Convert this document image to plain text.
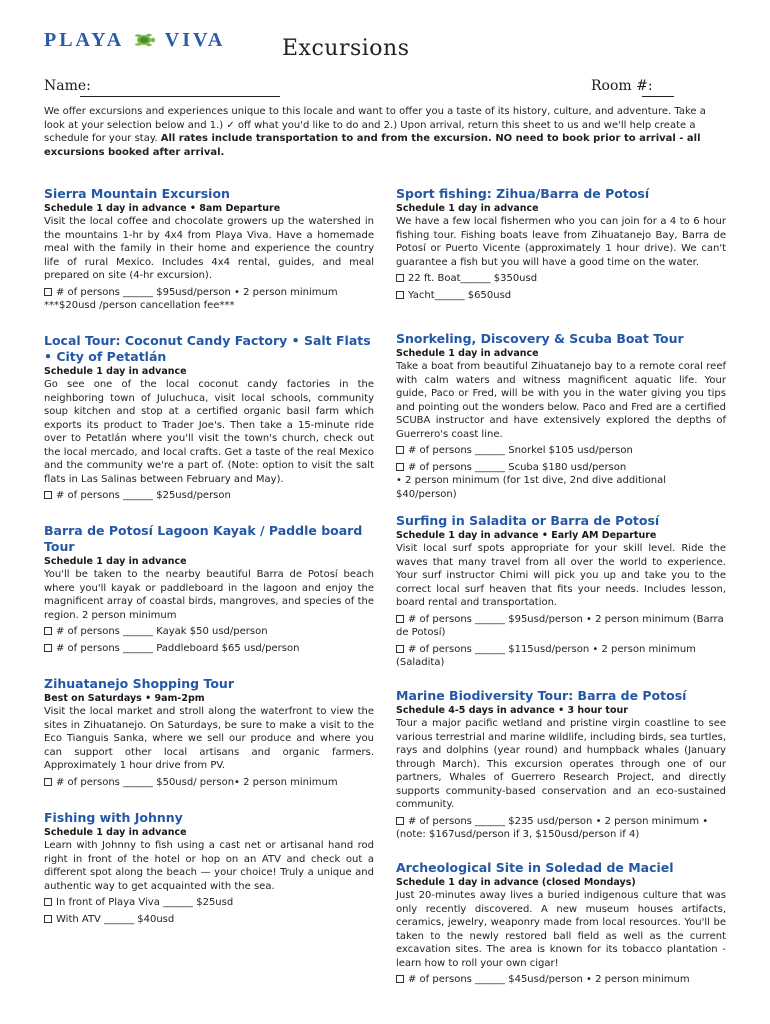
PLAYA VIVA	Excursions
Name:	Room #:
We offer excursions and experiences unique to this locale and want to offer you a taste of its history, culture, and adventure. Take a look at your selection below and 1.) ✓ off what you'd like to do and 2.) Upon arrival, return this sheet to us and we'll help create a schedule for your stay. All rates include transportation to and from the excursion. NO need to book prior to arrival - all excursions booked after arrival.
Sierra Mountain Excursion
Schedule 1 day in advance • 8am Departure

Visit the local coffee and chocolate growers up the watershed in the mountains 1-hr by 4x4 from Playa Viva. Have a homemade meal with the family in their home and experience the country life of rural Mexico. Includes 4x4 rental, guides, and meal prepared on site (4-hr excursion).

# of persons ______ $95usd/person • 2 person minimum
***$20usd /person cancellation fee***
Local Tour: Coconut Candy Factory • Salt Flats • City of Petatlán
Schedule 1 day in advance

Go see one of the local coconut candy factories in the neighboring town of Juluchuca, visit local schools, community soup kitchen and stop at a certified organic basil farm which exports its product to Trader Joe's. Then take a 15-minute ride over to Petatlán where you'll visit the town's church, check out the local mercado, and local crafts. Get a taste of the real Mexico and the community we're a part of. (Note: option to visit the salt flats in Las Salinas between February and May).

# of persons ______ $25usd/person
Barra de Potosí Lagoon Kayak / Paddle board Tour
Schedule 1 day in advance

You'll be taken to the nearby beautiful Barra de Potosí beach where you'll kayak or paddleboard in the lagoon and enjoy the magnificent array of coastal birds, mangroves, and species of the region. 2 person minimum

# of persons ______ Kayak $50 usd/person
# of persons ______ Paddleboard $65 usd/person
Zihuatanejo Shopping Tour
Best on Saturdays • 9am-2pm

Visit the local market and stroll along the waterfront to view the sites in Zihuatanejo. On Saturdays, be sure to make a visit to the Eco Tianguis Sanka, where we sell our produce and where you can support other local artisans and organic farmers. Approximately 1 hour drive from PV.

# of persons ______ $50usd/ person• 2 person minimum
Fishing with Johnny
Schedule 1 day in advance

Learn with Johnny to fish using a cast net or artisanal hand rod right in front of the hotel or hop on an ATV and check out a different spot along the beach — your choice! Truly a unique and authentic way to get acquainted with the sea.

In front of Playa Viva ______ $25usd
With ATV ______ $40usd
Sport fishing: Zihua/Barra de Potosí
Schedule 1 day in advance

We have a few local fishermen who you can join for a 4 to 6 hour fishing tour. Fishing boats leave from Zihuatanejo Bay, Barra de Potosí or Puerto Vicente (approximately 1 hour drive). We can't guarantee a fish but you will have a good time on the water.

22 ft. Boat______ $350usd
Yacht______ $650usd
Snorkeling, Discovery & Scuba Boat Tour
Schedule 1 day in advance

Take a boat from beautiful Zihuatanejo bay to a remote coral reef with calm waters and witness magnificent aquatic life. Your guide, Paco or Fred, will be with you in the water giving you tips and pointing out the wonders below. Paco and Fred are a certified SCUBA instructor and have extensively explored the depths of Guerrero's coast line.

# of persons ______ Snorkel $105 usd/person
# of persons ______ Scuba $180 usd/person
• 2 person minimum (for 1st dive, 2nd dive additional $40/person)
Surfing in Saladita or Barra de Potosí
Schedule 1 day in advance • Early AM Departure

Visit local surf spots appropriate for your skill level. Ride the waves that many travel from all over the world to experience. Your surf instructor Chimi will pick you up and take you to the correct local surf heaven that fits your needs. Includes lesson, board rental and transportation.

# of persons ______ $95usd/person • 2 person minimum (Barra de Potosí)
# of persons ______ $115usd/person • 2 person minimum (Saladita)
Marine Biodiversity Tour: Barra de Potosí
Schedule 4-5 days in advance • 3 hour tour

Tour a major pacific wetland and pristine virgin coastline to see various terrestrial and marine wildlife, including birds, sea turtles, rays and dolphins (year round) and humpback whales (January through March). This excursion operates through one of our partners, Whales of Guerrero Research Project, and directly supports community-based conservation and an eco-sustained community.

# of persons ______ $235 usd/person • 2 person minimum • (note: $167usd/person if 3, $150usd/person if 4)
Archeological Site in Soledad de Maciel
Schedule 1 day in advance (closed Mondays)

Just 20-minutes away lives a buried indigenous culture that was only recently discovered. A new museum houses artifacts, ceramics, jewelry, weaponry made from local resources. You'll be taken to the newly restored ball field as well as the current excavation sites. The area is known for its tobacco plantation - learn how to roll your own cigar!

# of persons ______ $45usd/person • 2 person minimum
